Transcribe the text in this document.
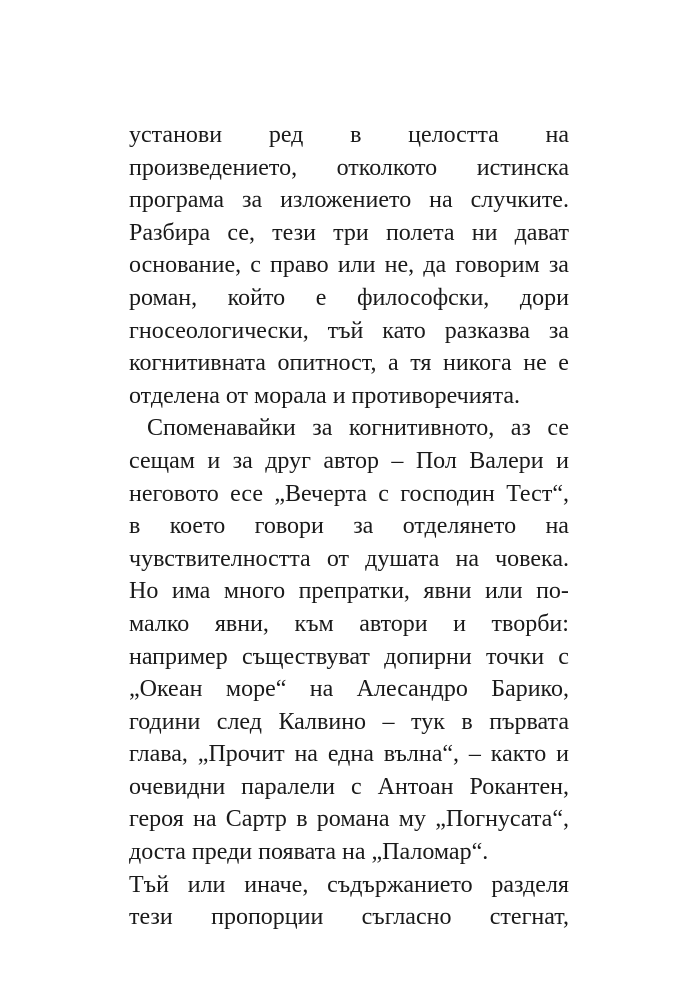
установи ред в целостта на
произведението, отколкото истинска
програма за изложението на случките.
Разбира се, тези три полета ни дават
основание, с право или не, да говорим за
роман, който е философски, дори
гносеологически, тъй като разказва за
когнитивната опитност, а тя никога не е
отделена от морала и противоречията.
Споменавайки за когнитивното, аз се
сещам и за друг автор – Пол Валери и
неговото есе „Вечерта с господин Тест“,
в което говори за отделянето на
чувствителността от душата на човека.
Но има много препратки, явни или по-
малко явни, към автори и творби:
например съществуват допирни точки с
„Океан море“ на Алесандро Барико,
години след Калвино – тук в първата
глава, „Прочит на една вълна“, – както и
очевидни паралели с Антоан Рокантен,
героя на Сартр в романа му „Погнусата“,
доста преди появата на „Паломар“.
Тъй или иначе, съдържанието разделя
тези пропорции съгласно стегнат,
